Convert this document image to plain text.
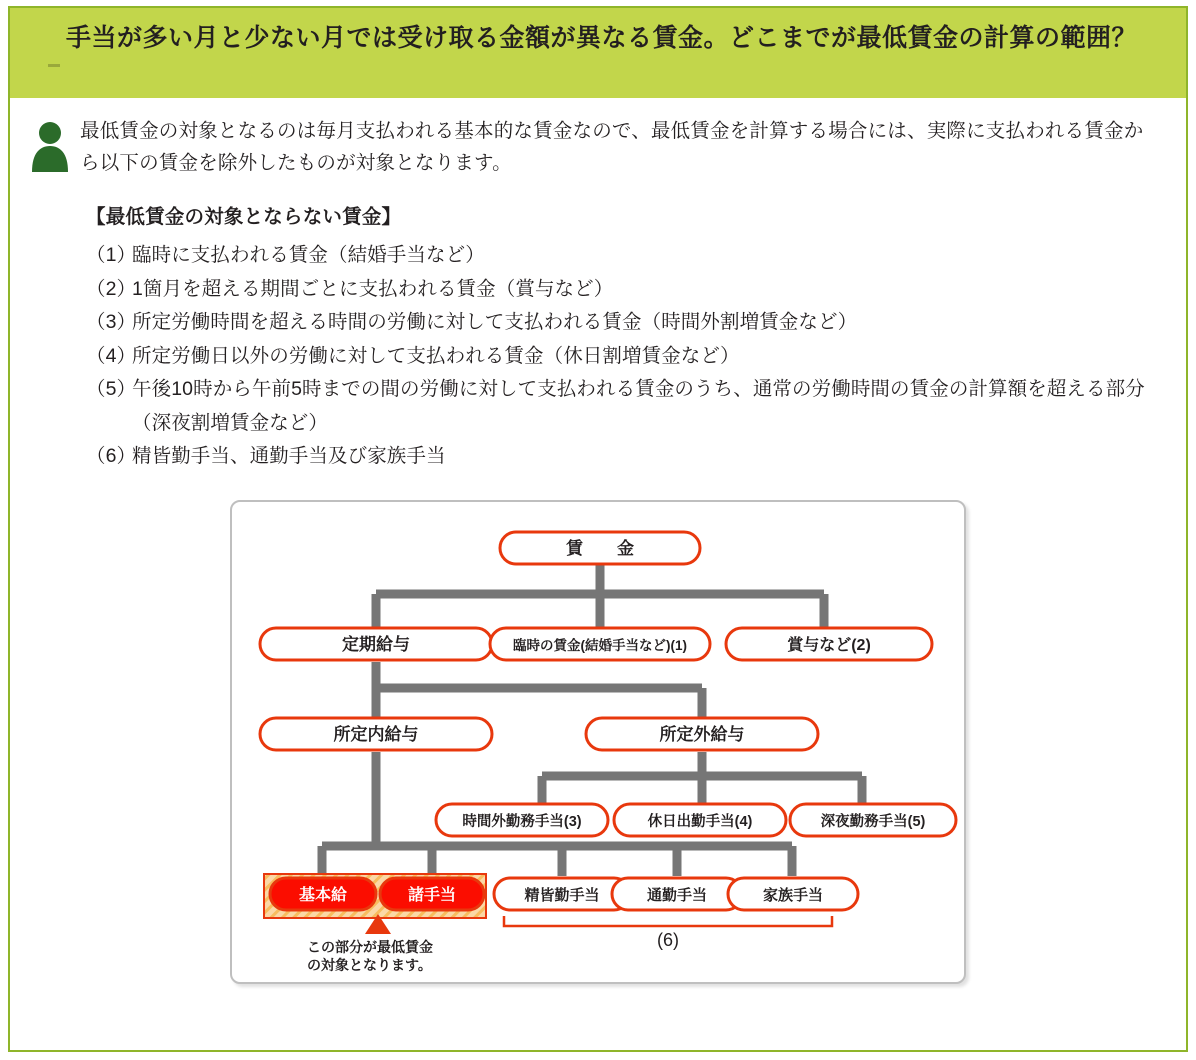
手当が多い月と少ない月では受け取る金額が異なる賃金。どこまでが最低賃金の計算の範囲？
最低賃金の対象となるのは毎月支払われる基本的な賃金なので、最低賃金を計算する場合には、実際に支払われる賃金から以下の賃金を除外したものが対象となります。
【最低賃金の対象とならない賃金】
（1）
臨時に支払われる賃金（結婚手当など）
（2）
1箇月を超える期間ごとに支払われる賃金（賞与など）
（3）
所定労働時間を超える時間の労働に対して支払われる賃金（時間外割増賃金など）
（4）
所定労働日以外の労働に対して支払われる賃金（休日割増賃金など）
（5）
午後10時から午前5時までの間の労働に対して支払われる賃金のうち、通常の労働時間の賃金の計算額を超える部分（深夜割増賃金など）
（6）
精皆勤手当、通勤手当及び家族手当
賃　　金
定期給与	臨時の賃金(結婚手当など)(1)	賞与など(2)
所定内給与	所定外給与
時間外勤務手当(3)	休日出勤手当(4)	深夜勤務手当(5)
基本給	諸手当	精皆勤手当	通勤手当	家族手当
(6)
この部分が最低賃金
の対象となります。
